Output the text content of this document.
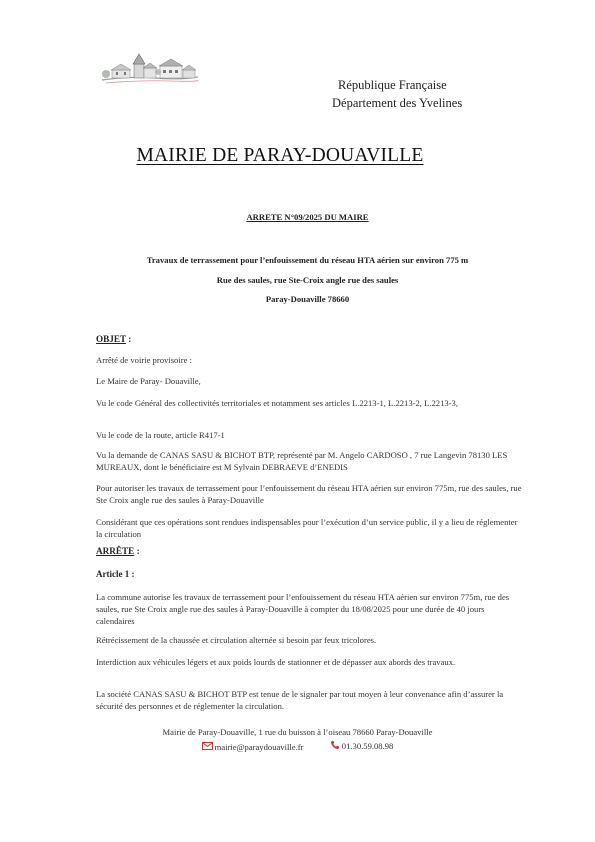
République Française
Département des Yvelines
MAIRIE DE PARAY-DOUAVILLE
ARRETE N°09/2025 DU MAIRE
Travaux de terrassement pour l’enfouissement du réseau HTA aérien sur environ 775 m
Rue des saules, rue Ste-Croix angle rue des saules
Paray-Douaville 78660
OBJET :
Arrêté de voirie provisoire :
Le Maire de Paray- Douaville,
Vu le code Général des collectivités territoriales et notamment ses articles L.2213-1, L.2213-2, L.2213-3,
Vu le code de la route, article R417-1
Vu la demande de CANAS SASU & BICHOT BTP, représenté par M. Angelo CARDOSO , 7 rue Langevin 78130 LES MUREAUX, dont le bénéficiaire est M Sylvain DEBRAEVE d’ENEDIS
Pour autoriser les travaux de terrassement pour l’enfouissement du réseau HTA aérien sur environ 775m, rue des saules, rue Ste Croix angle rue des saules à Paray-Douaville
Considérant que ces opérations sont rendues indispensables pour l’exécution d’un service public, il y a lieu de réglementer la circulation
ARRÊTE :
Article 1 :
La commune autorise les travaux de terrassement pour l’enfouissement du réseau HTA aérien sur environ 775m, rue des saules, rue Ste Croix angle rue des saules à Paray-Douaville à compter du 18/08/2025 pour une durée de 40 jours calendaires
Rétrécissement de la chaussée et circulation alternée si besoin par feux tricolores.
Interdiction aux véhicules légers et aux poids lourds de stationner et de dépasser aux abords des travaux.
La société CANAS SASU & BICHOT BTP est tenue de le signaler par tout moyen à leur convenance afin d’assurer la sécurité des personnes et de réglementer la circulation.
Mairie de Paray-Douaville, 1 rue du buisson à l’oiseau 78660 Paray-Douaville
mairie@paraydouaville.fr
	01.30.59.08.98
